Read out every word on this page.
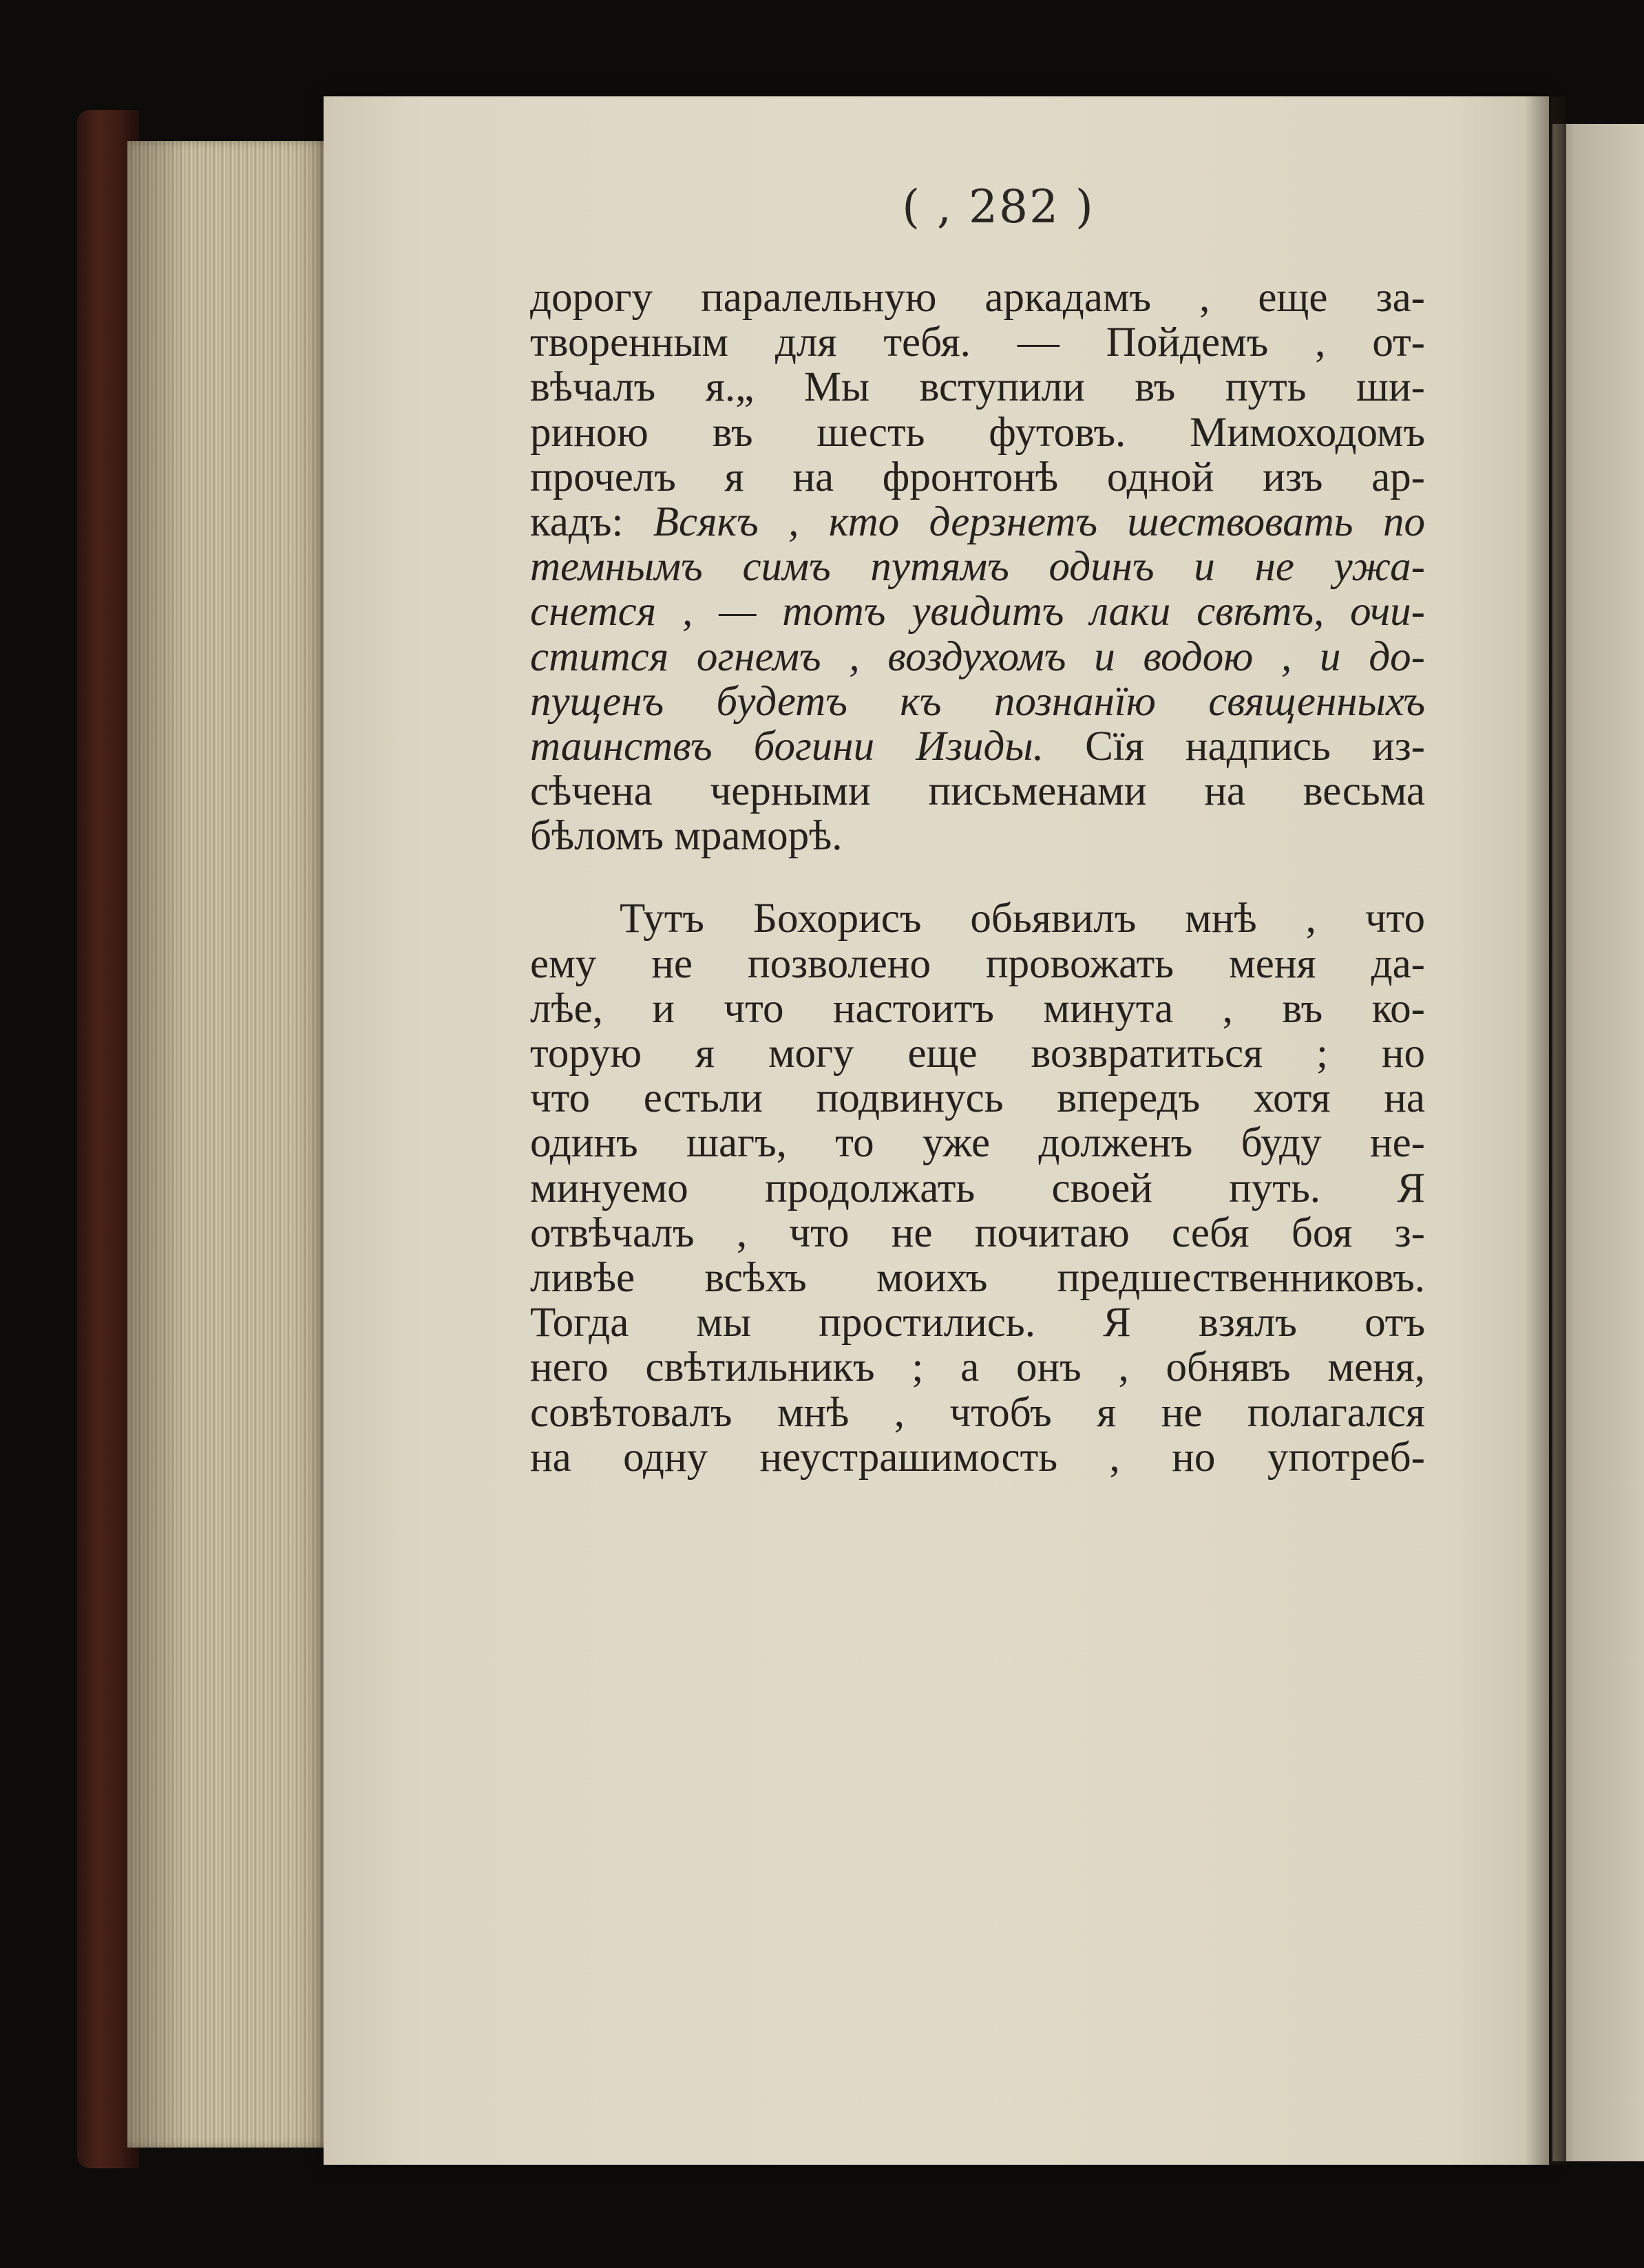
( , 282 )
дорогу паралельную аркадамъ , еще за-
творенным для тебя. — Пойдемъ , от-
вѣчалъ я.„ Мы вступили въ путь ши-
риною въ шесть футовъ. Мимоходомъ
прочелъ я на фронтонѣ одной изъ ар-
кадъ: Всякъ , кто дерзнетъ шествовать по
темнымъ симъ путямъ одинъ и не ужа-
снется , — тотъ увидитъ лаки свѣтъ, очи-
стится огнемъ , воздухомъ и водою , и до-
пущенъ будетъ къ познанїю священныхъ
таинствъ богини Изиды. Сїя надпись из-
сѣчена черными письменами на весьма
бѣломъ мраморѣ.
Тутъ Бохорисъ обьявилъ мнѣ , что
ему не позволено провожать меня да-
лѣе, и что настоитъ минута , въ ко-
торую я могу еще возвратиться ; но
что естьли подвинусь впередъ хотя на
одинъ шагъ, то уже долженъ буду не-
минуемо продолжать своей путь. Я
отвѣчалъ , что не почитаю себя боя з-
ливѣе всѣхъ моихъ предшественниковъ.
Тогда мы простились. Я взялъ отъ
него свѣтильникъ ; а онъ , обнявъ меня,
совѣтовалъ мнѣ , чтобъ я не полагался
на одну неустрашимость , но употреб-
